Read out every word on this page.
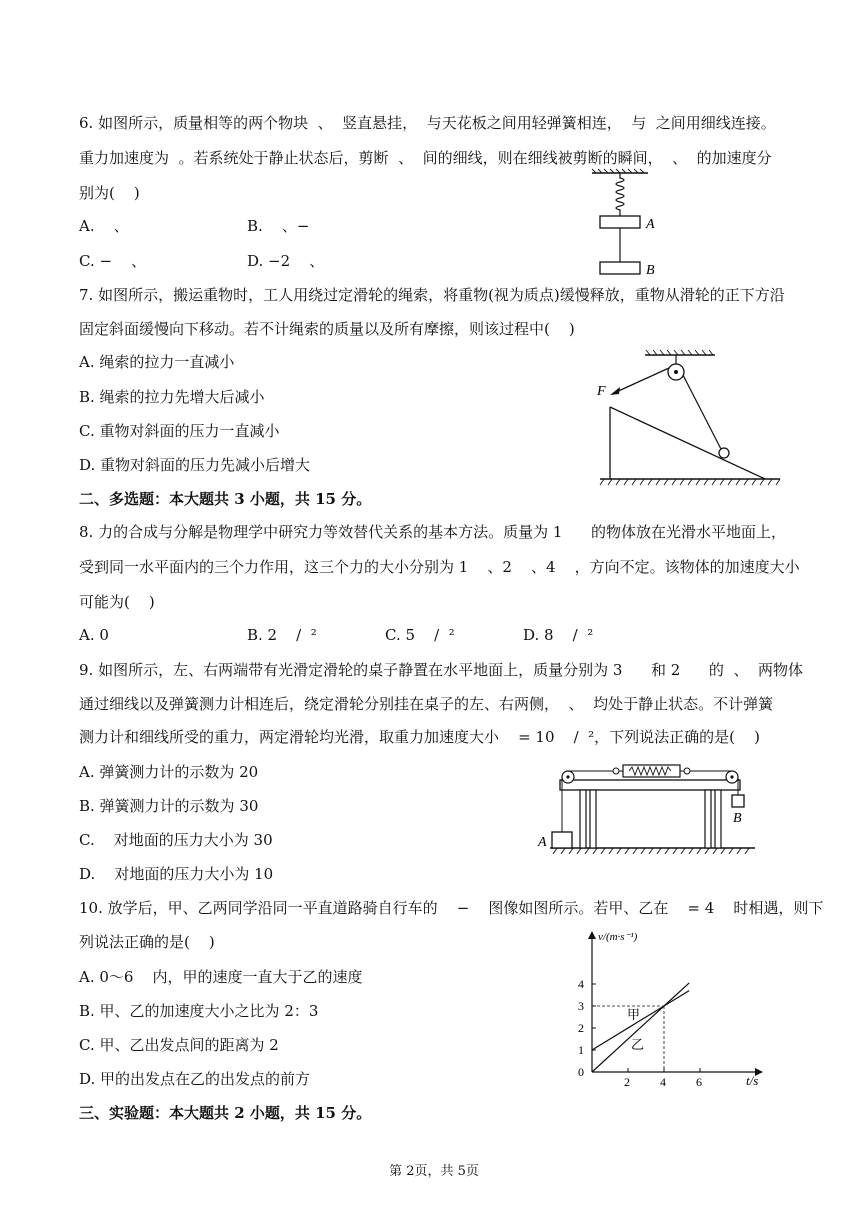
6. 如图所示，质量相等的两个物块  、  竖直悬挂，  与天花板之间用轻弹簧相连，  与  之间用细线连接。
重力加速度为  。若系统处于静止状态后，剪断  、  间的细线，则在细线被剪断的瞬间，  、  的加速度分
别为(    )
A.    、	B.    、−
C. −    、	D. −2    、
A
B
7. 如图所示，搬运重物时，工人用绕过定滑轮的绳索，将重物(视为质点)缓慢释放，重物从滑轮的正下方沿
固定斜面缓慢向下移动。若不计绳索的质量以及所有摩擦，则该过程中(    )
A. 绳索的拉力一直减小
B. 绳索的拉力先增大后减小
C. 重物对斜面的压力一直减小
D. 重物对斜面的压力先减小后增大
F
二、多选题：本大题共 3 小题，共 15 分。
8. 力的合成与分解是物理学中研究力等效替代关系的基本方法。质量为 1      的物体放在光滑水平地面上，
受到同一水平面内的三个力作用，这三个力的大小分别为 1    、2    、4    ，方向不定。该物体的加速度大小
可能为(    )
A. 0	B. 2    /  ²	C. 5    /  ²	D. 8    /  ²
9. 如图所示，左、右两端带有光滑定滑轮的桌子静置在水平地面上，质量分别为 3      和 2      的  、  两物体
通过细线以及弹簧测力计相连后，绕定滑轮分别挂在桌子的左、右两侧，  、  均处于静止状态。不计弹簧
测力计和细线所受的重力，两定滑轮均光滑，取重力加速度大小    = 10    /  ²，下列说法正确的是(    )
A. 弹簧测力计的示数为 20
B. 弹簧测力计的示数为 30
C.    对地面的压力大小为 30
D.    对地面的压力大小为 10
A
B
10. 放学后，甲、乙两同学沿同一平直道路骑自行车的    −    图像如图所示。若甲、乙在    = 4    时相遇，则下
列说法正确的是(    )
A. 0～6    内，甲的速度一直大于乙的速度
B. 甲、乙的加速度大小之比为 2：3
C. 甲、乙出发点间的距离为 2
D. 甲的出发点在乙的出发点的前方
v/(m·s⁻¹)
t/s
2	4	6
0
1
2
3
4
甲
乙
三、实验题：本大题共 2 小题，共 15 分。
第 2页，共 5页
